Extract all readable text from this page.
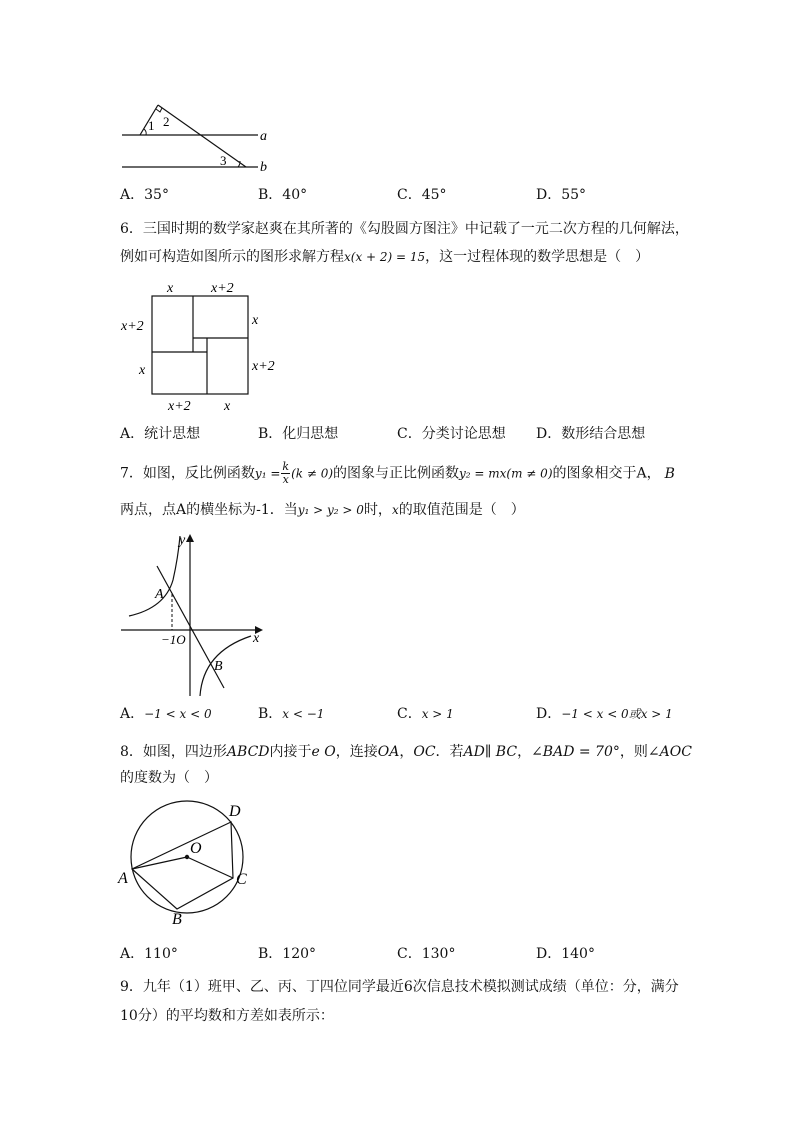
1 2
3
a
b
A．35°	B．40°	C．45°	D．55°
6．三国时期的数学家赵爽在其所著的《勾股圆方图注》中记载了一元二次方程的几何解法，
例如可构造如图所示的图形求解方程x(x + 2) = 15，这一过程体现的数学思想是（　）
x	x+2
x+2
x
x
x+2
x+2 x
A．统计思想	B．化归思想	C．分类讨论思想 D．数形结合思想
7．如图，反比例函数$y_1 = \frac{k}{x} (k \ne 0)$的图象与正比例函数y₂ = mx(m ≠ 0)的图象相交于A， B
两点，点A的横坐标为-1．当y₁ > y₂ > 0时，x的取值范围是（　）
y
x
A
B
−1O
A．−1 < x < 0	B．x < −1	C．x > 1	D．−1 < x < 0或x > 1
8．如图，四边形ABCD内接于e O，连接OA，OC．若AD∥ BC，∠BAD = 70°，则∠AOC
的度数为（　）
A
B
C
D
O
A．110°	B．120°	C．130°	D．140°
9．九年（1）班甲、乙、丙、丁四位同学最近6次信息技术模拟测试成绩（单位：分，满分
10分）的平均数和方差如表所示：
